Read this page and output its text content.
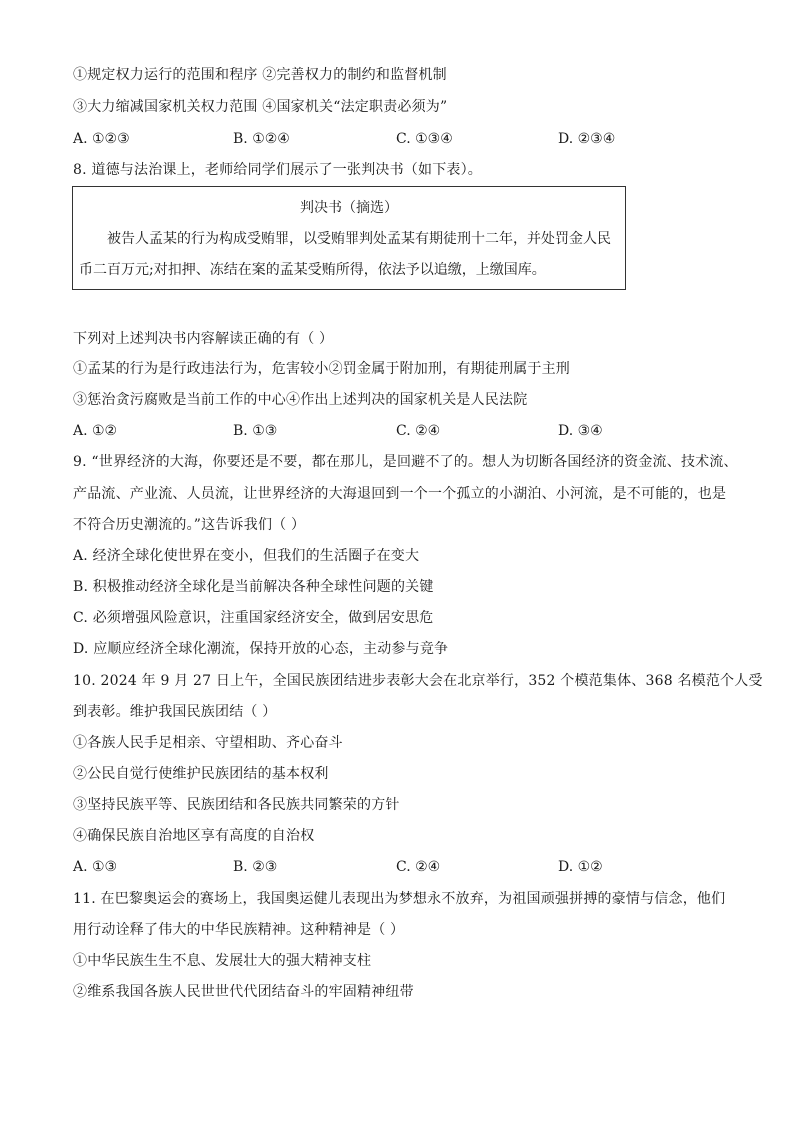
①规定权力运行的范围和程序 ②完善权力的制约和监督机制
③大力缩减国家机关权力范围 ④国家机关“法定职责必须为”
A. ①②③	B. ①②④	C. ①③④	D. ②③④
8. 道德与法治课上，老师给同学们展示了一张判决书（如下表）。
判决书（摘选）
被告人孟某的行为构成受贿罪，以受贿罪判处孟某有期徒刑十二年，并处罚金人民
币二百万元;对扣押、冻结在案的孟某受贿所得，依法予以追缴，上缴国库。
下列对上述判决书内容解读正确的有（ ）
①孟某的行为是行政违法行为，危害较小②罚金属于附加刑，有期徒刑属于主刑
③惩治贪污腐败是当前工作的中心④作出上述判决的国家机关是人民法院
A. ①②	B. ①③	C. ②④	D. ③④
9. “世界经济的大海，你要还是不要，都在那儿，是回避不了的。想人为切断各国经济的资金流、技术流、
产品流、产业流、人员流，让世界经济的大海退回到一个一个孤立的小湖泊、小河流，是不可能的，也是
不符合历史潮流的。”这告诉我们（ ）
A. 经济全球化使世界在变小，但我们的生活圈子在变大
B. 积极推动经济全球化是当前解决各种全球性问题的关键
C. 必须增强风险意识，注重国家经济安全，做到居安思危
D. 应顺应经济全球化潮流，保持开放的心态，主动参与竞争
10. 2024 年 9 月 27 日上午，全国民族团结进步表彰大会在北京举行，352 个模范集体、368 名模范个人受
到表彰。维护我国民族团结（ ）
①各族人民手足相亲、守望相助、齐心奋斗
②公民自觉行使维护民族团结的基本权利
③坚持民族平等、民族团结和各民族共同繁荣的方针
④确保民族自治地区享有高度的自治权
A. ①③	B. ②③	C. ②④	D. ①②
11. 在巴黎奥运会的赛场上，我国奥运健儿表现出为梦想永不放弃，为祖国顽强拼搏的豪情与信念，他们
用行动诠释了伟大的中华民族精神。这种精神是（ ）
①中华民族生生不息、发展壮大的强大精神支柱
②维系我国各族人民世世代代团结奋斗的牢固精神纽带
